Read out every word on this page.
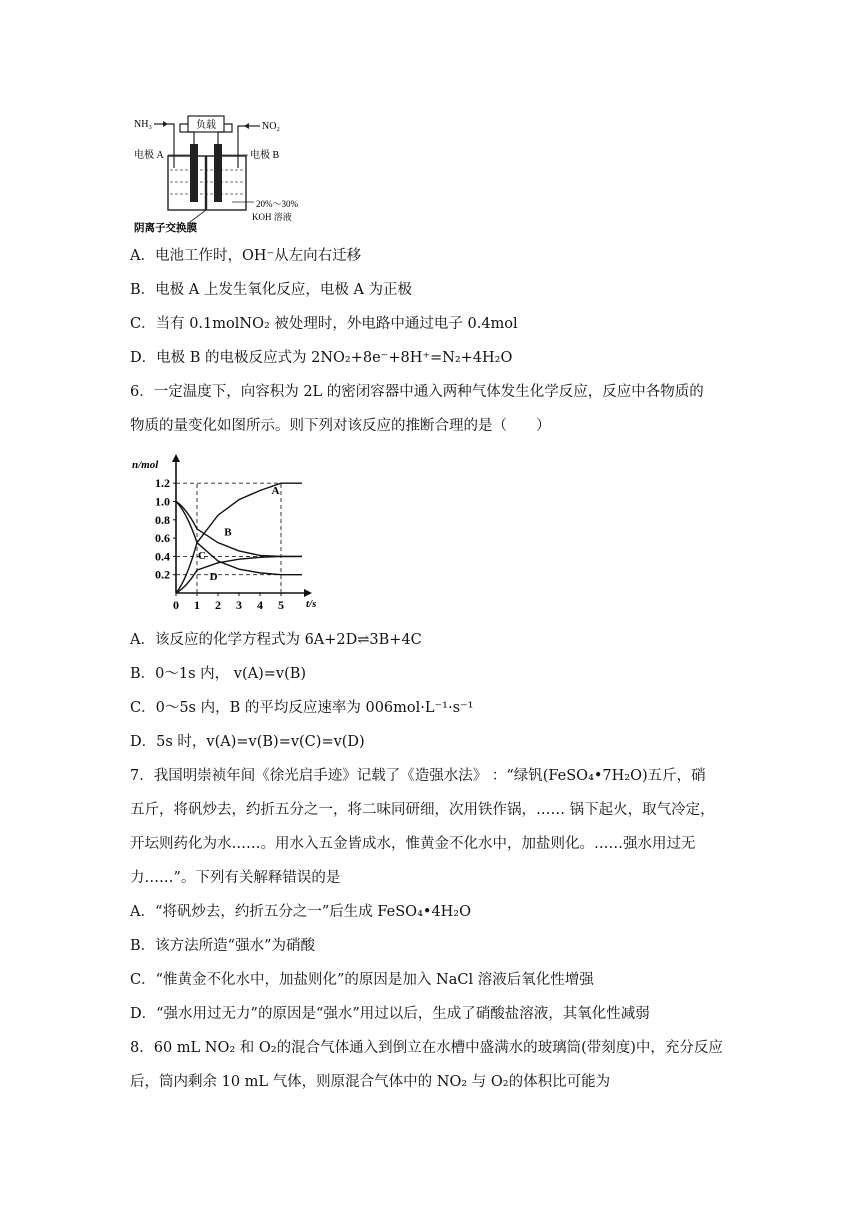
NH₃	NO₂
负载
电极 A	电极 B
20%～30%
KOH 溶液
阴离子交换膜
A．电池工作时，OH⁻从左向右迁移
B．电极 A 上发生氧化反应，电极 A 为正极
C．当有 0.1molNO₂ 被处理时，外电路中通过电子 0.4mol
D．电极 B 的电极反应式为 2NO₂+8e⁻+8H⁺=N₂+4H₂O
6．一定温度下，向容积为 2L 的密闭容器中通入两种气体发生化学反应，反应中各物质的
物质的量变化如图所示。则下列对该反应的推断合理的是（　　）
n/mol
t/s
0.2
0.4
0.6
0.8
1.0
1.2
0 1 2 3 4 5
A
B
C
D
A．该反应的化学方程式为 6A+2D⇌3B+4C
B．0～1s 内， v(A)=v(B)
C．0～5s 内，B 的平均反应速率为 006mol·L⁻¹·s⁻¹
D．5s 时，v(A)=v(B)=v(C)=v(D)
7．我国明崇祯年间《徐光启手迹》记载了《造强水法》 ：“绿钒(FeSO₄•7H₂O)五斤，硝
五斤，将矾炒去，约折五分之一，将二味同研细，次用铁作锅，…… 锅下起火，取气冷定，
开坛则药化为水……。用水入五金皆成水，惟黄金不化水中，加盐则化。……强水用过无
力……”。下列有关解释错误的是
A．“将矾炒去，约折五分之一”后生成 FeSO₄•4H₂O
B．该方法所造“强水”为硝酸
C．“惟黄金不化水中，加盐则化”的原因是加入 NaCl 溶液后氧化性增强
D．“强水用过无力”的原因是“强水”用过以后，生成了硝酸盐溶液，其氧化性减弱
8．60 mL NO₂ 和 O₂的混合气体通入到倒立在水槽中盛满水的玻璃筒(带刻度)中，充分反应
后，筒内剩余 10 mL 气体，则原混合气体中的 NO₂ 与 O₂的体积比可能为
